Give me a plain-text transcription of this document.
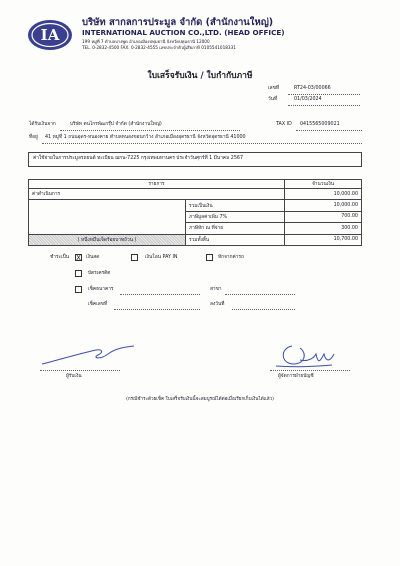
IA
บริษัท สากลการประมูล จำกัด (สำนักงานใหญ่)
INTERNATIONAL AUCTION CO.,LTD. (HEAD OFFICE)
199 หมู่ที่ 7 ตำบลบางพูด อำเภอเมืองปทุมธานี จังหวัดปทุมธานี 12000
TEL. 0-2832-4500 FAX. 0-2832-4555 เลขประจำตัวผู้เสียภาษี 0105541018331
ใบเสร็จรับเงิน / ใบกำกับภาษี
เลขที่	RT24-03/00066
วันที่	01/03/2024
ได้รับเงินจาก	บริษัท ตนไกรพัฒกรุ๊ป จำกัด (สำนักงานใหญ่)	TAX ID 0415565009021
ที่อยู่ 41 หมู่ที่ 1 ถนนอุดร-หนองคาย ตำบลหนองขอนกว้าง อำเภอเมืองอุดรธานี จังหวัดอุดรธานี 41000
ค่าใช้จ่ายในการประมูลรถยนต์ ทะเบียน ฌกน-7225 กรุงเทพมหานคร ประจำวันศุกร์ที่ 1 มีนาคม 2567
รายการ		จำนวนเงิน
ค่าดำเนินการ		10,000.00
	รวมเป็นเงิน	10,000.00
	ภาษีมูลค่าเพิ่ม 7%	700.00
	ภาษีหัก ณ ที่จ่าย	300.00
( หนึ่งหมื่นเจ็ดร้อยบาทถ้วน )	รวมทั้งสิ้น	10,700.00
ชำระเป็น X เงินสด	เงินโอน PAY IN	หักจากค่ารถ
บัตรเครดิต
เช็คธนาคาร	สาขา
เช็คเลขที่	ลงวันที่
ผู้รับเงิน	ผู้จัดการฝ่ายบัญชี
(กรณีชำระด้วยเช็ค ใบเสร็จรับเงินนี้จะสมบูรณ์ได้ต่อเมื่อเรียกเก็บเงินได้แล้ว)
